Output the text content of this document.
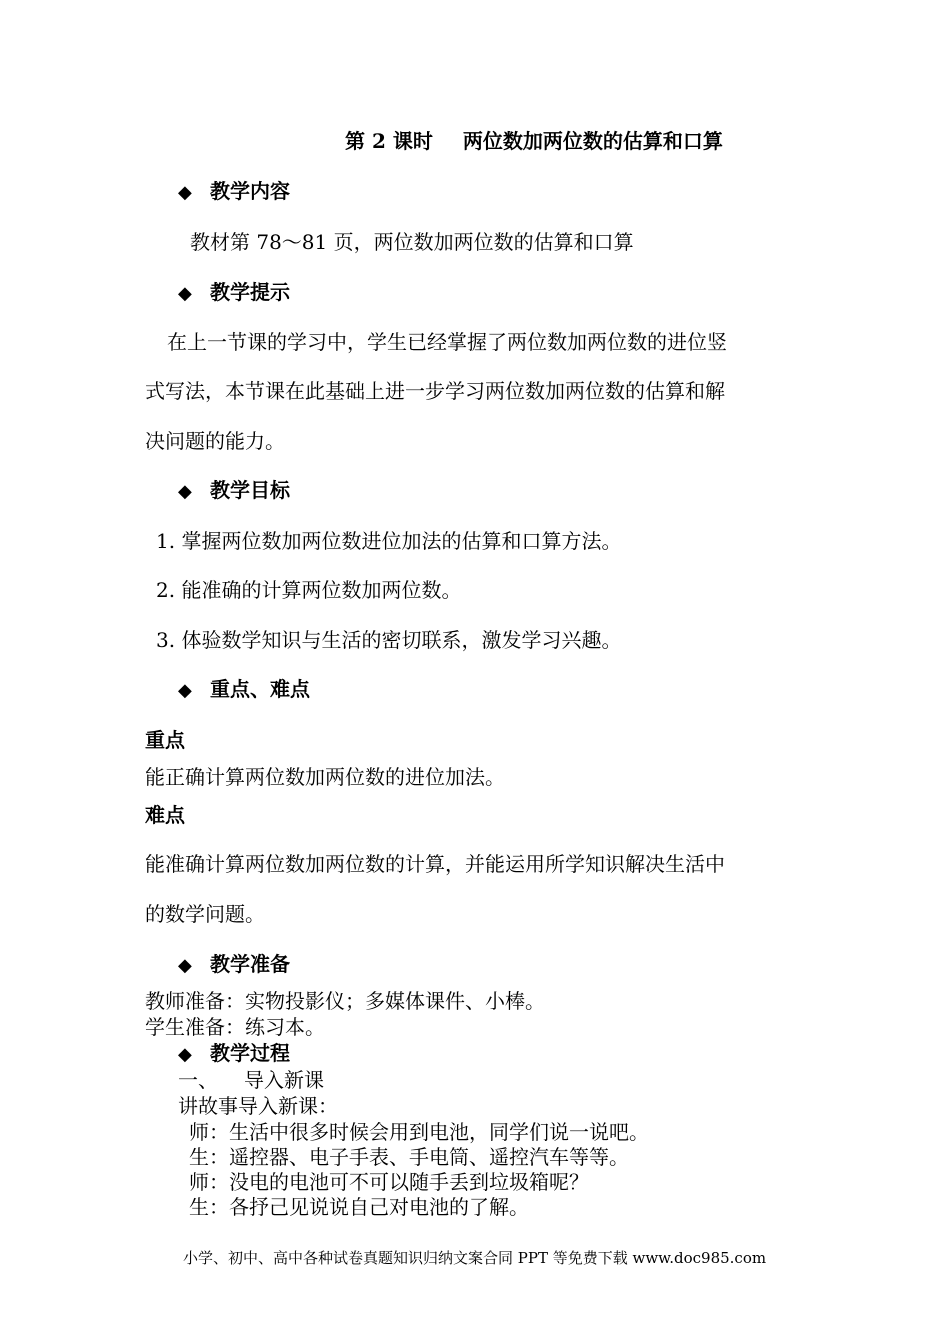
第 2 课时 两位数加两位数的估算和口算
◆ 教学内容
教材第 78～81 页，两位数加两位数的估算和口算
◆ 教学提示
在上一节课的学习中，学生已经掌握了两位数加两位数的进位竖
式写法，本节课在此基础上进一步学习两位数加两位数的估算和解
决问题的能力。
◆ 教学目标
1. 掌握两位数加两位数进位加法的估算和口算方法。
2. 能准确的计算两位数加两位数。
3. 体验数学知识与生活的密切联系，激发学习兴趣。
◆ 重点、难点
重点
能正确计算两位数加两位数的进位加法。
难点
能准确计算两位数加两位数的计算，并能运用所学知识解决生活中
的数学问题。
◆ 教学准备
教师准备：实物投影仪；多媒体课件、小棒。
学生准备：练习本。
◆ 教学过程
一、 导入新课
讲故事导入新课：
师：生活中很多时候会用到电池，同学们说一说吧。
生：遥控器、电子手表、手电筒、遥控汽车等等。
师：没电的电池可不可以随手丢到垃圾箱呢？
生：各抒己见说说自己对电池的了解。
小学、初中、高中各种试卷真题知识归纳文案合同 PPT 等免费下载 www.doc985.com
